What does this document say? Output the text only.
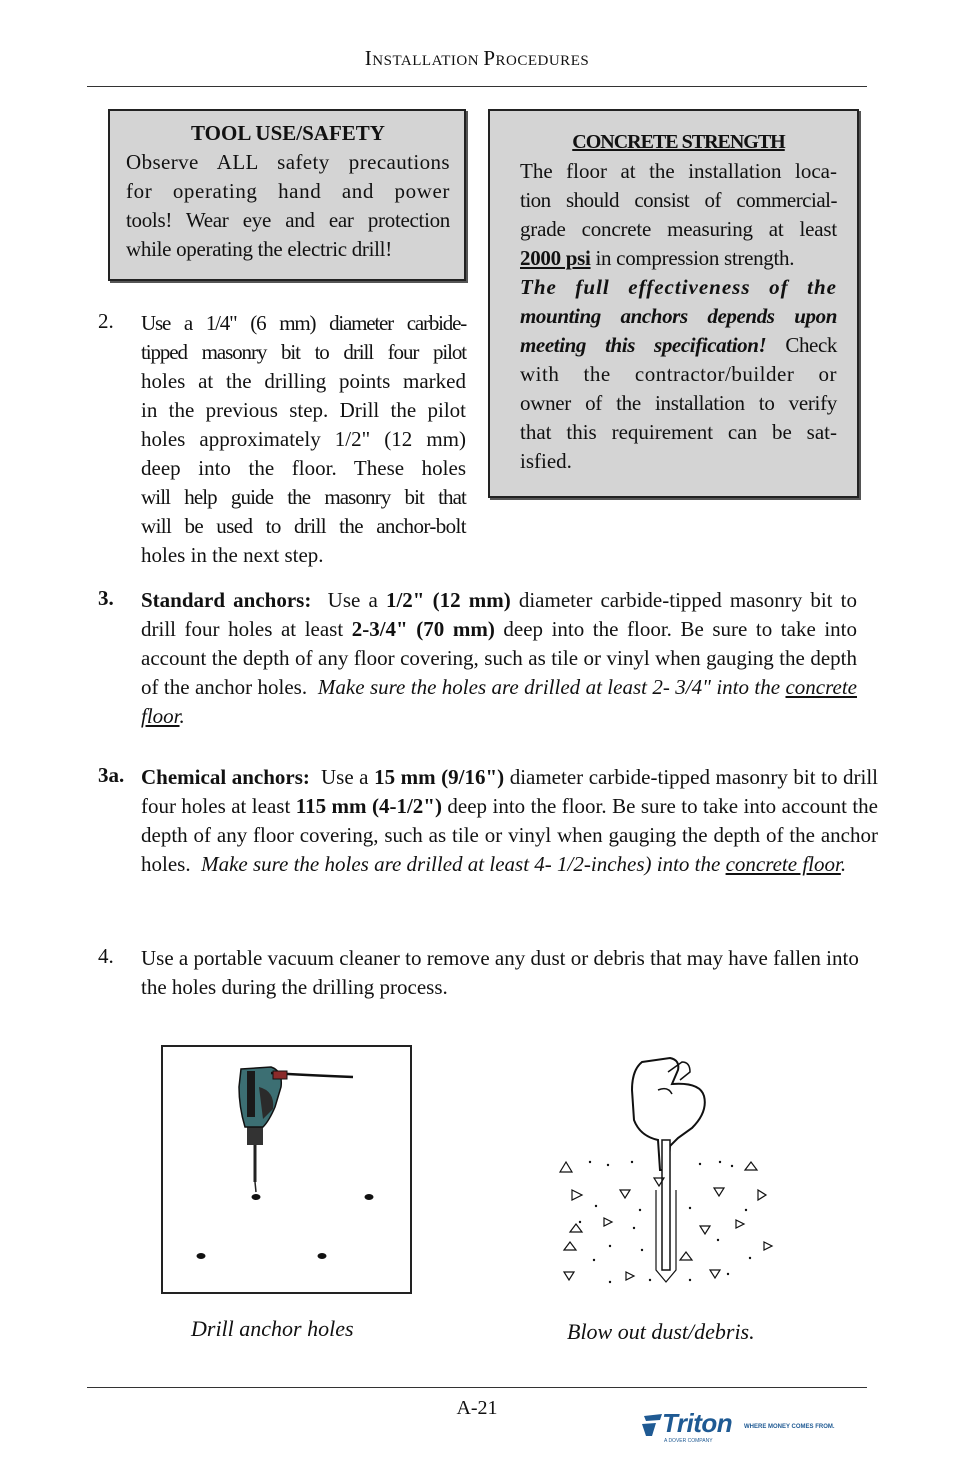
INSTALLATION PROCEDURES

TOOL USE/SAFETY

Observe ALL safety precautions

for operating hand and power

tools! Wear eye and ear protection

while operating the electric drill!

CONCRETE STRENGTH

The floor at the installation loca-

tion should consist of commercial-

grade concrete measuring at least

2000 psi in compression strength.

The full effectiveness of the

mounting anchors depends upon

meeting this specification! Check

with the contractor/builder or

owner of the installation to verify

that this requirement can be sat-

isfied.

2. Use a 1/4" (6 mm) diameter carbide-

tipped masonry bit to drill four pilot

holes at the drilling points marked

in the previous step. Drill the pilot

holes approximately 1/2" (12 mm)

deep into the floor. These holes

will help guide the masonry bit that

will be used to drill the anchor-bolt

holes in the next step.

3. Standard anchors:  Use a 1/2" (12 mm) diameter carbide-tipped masonry bit to drill four holes at least 2-3/4" (70 mm) deep into the floor. Be sure to take into account the depth of any floor covering, such as tile or vinyl when gauging the depth of the anchor holes.  Make sure the holes are drilled at least 2- 3/4" into the concrete floor.
3a. Chemical anchors:  Use a 15 mm (9/16") diameter carbide-tipped masonry bit to drill four holes at least 115 mm (4-1/2") deep into the floor. Be sure to take into account the depth of any floor covering, such as tile or vinyl when gauging the depth of the anchor holes.  Make sure the holes are drilled at least 4- 1/2-inches) into the concrete floor.
4. Use a portable vacuum cleaner to remove any dust or debris that may have fallen into the holes during the drilling process.
Drill anchor holes	Blow out dust/debris.
A-21	Triton WHERE MONEY COMES FROM.
A DOVER COMPANY
